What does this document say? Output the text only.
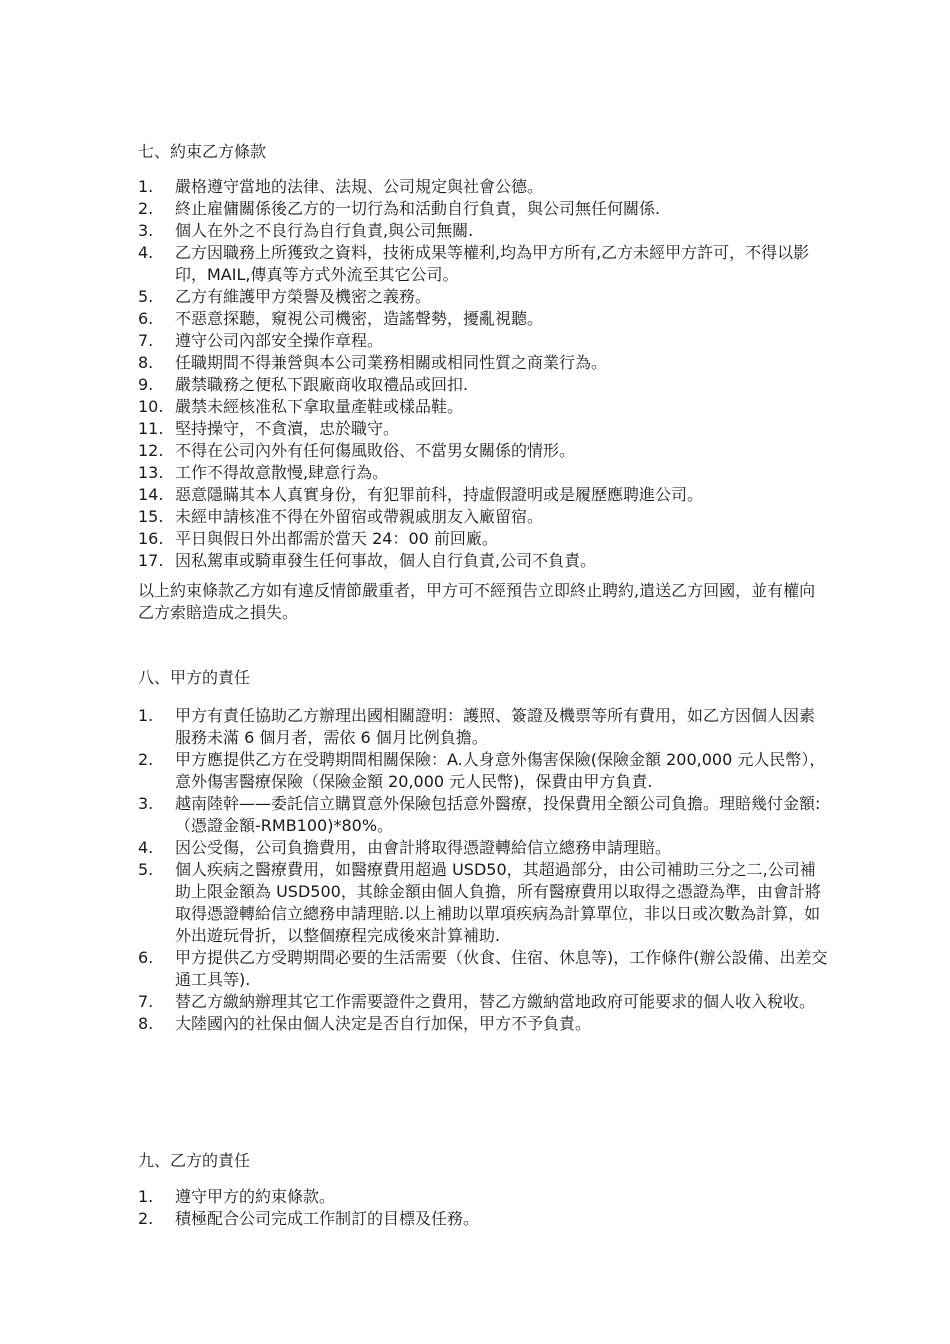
七、約束乙方條款
1. 嚴格遵守當地的法律、法規、公司規定與社會公德。
2. 終止雇傭關係後乙方的一切行為和活動自行負責，與公司無任何關係.
3. 個人在外之不良行為自行負責,與公司無關.
4. 乙方因職務上所獲致之資料，技術成果等權利,均為甲方所有,乙方未經甲方許可，不得以影印，MAIL,傳真等方式外流至其它公司。
5. 乙方有維護甲方榮譽及機密之義務。
6. 不惡意探聽，窺視公司機密，造謠聲勢，擾亂視聽。
7. 遵守公司內部安全操作章程。
8. 任職期間不得兼營與本公司業務相關或相同性質之商業行為。
9. 嚴禁職務之便私下跟廠商收取禮品或回扣.
10. 嚴禁未經核准私下拿取量產鞋或樣品鞋。
11. 堅持操守，不貪瀆，忠於職守。
12. 不得在公司內外有任何傷風敗俗、不當男女關係的情形。
13. 工作不得故意散慢,肆意行為。
14. 惡意隱瞞其本人真實身份，有犯罪前科，持虛假證明或是履歷應聘進公司。
15. 未經申請核准不得在外留宿或帶親戚朋友入廠留宿。
16. 平日與假日外出都需於當天 24：00 前回廠。
17. 因私駕車或騎車發生任何事故，個人自行負責,公司不負責。
以上約束條款乙方如有違反情節嚴重者，甲方可不經預告立即終止聘約,遣送乙方回國，並有權向乙方索賠造成之損失。
八、甲方的責任
1. 甲方有責任協助乙方辦理出國相關證明：護照、簽證及機票等所有費用，如乙方因個人因素服務未滿 6 個月者，需依 6 個月比例負擔。
2. 甲方應提供乙方在受聘期間相關保險：A.人身意外傷害保險(保險金額 200,000 元人民幣），意外傷害醫療保險（保險金額 20,000 元人民幣)，保費由甲方負責.
3. 越南陸幹——委託信立購買意外保險包括意外醫療，投保費用全額公司負擔。理賠幾付金額:（憑證金額-RMB100)*80%。
4. 因公受傷，公司負擔費用，由會計將取得憑證轉給信立總務申請理賠。
5. 個人疾病之醫療費用，如醫療費用超過 USD50，其超過部分，由公司補助三分之二,公司補助上限金額為 USD500，其餘金額由個人負擔，所有醫療費用以取得之憑證為準，由會計將取得憑證轉給信立總務申請理賠.以上補助以單項疾病為計算單位，非以日或次數為計算，如外出遊玩骨折，以整個療程完成後來計算補助.
6. 甲方提供乙方受聘期間必要的生活需要（伙食、住宿、休息等)，工作條件(辦公設備、出差交通工具等).
7. 替乙方繳納辦理其它工作需要證件之費用，替乙方繳納當地政府可能要求的個人收入稅收。
8. 大陸國內的社保由個人決定是否自行加保，甲方不予負責。
九、乙方的責任
1. 遵守甲方的約束條款。
2. 積極配合公司完成工作制訂的目標及任務。
